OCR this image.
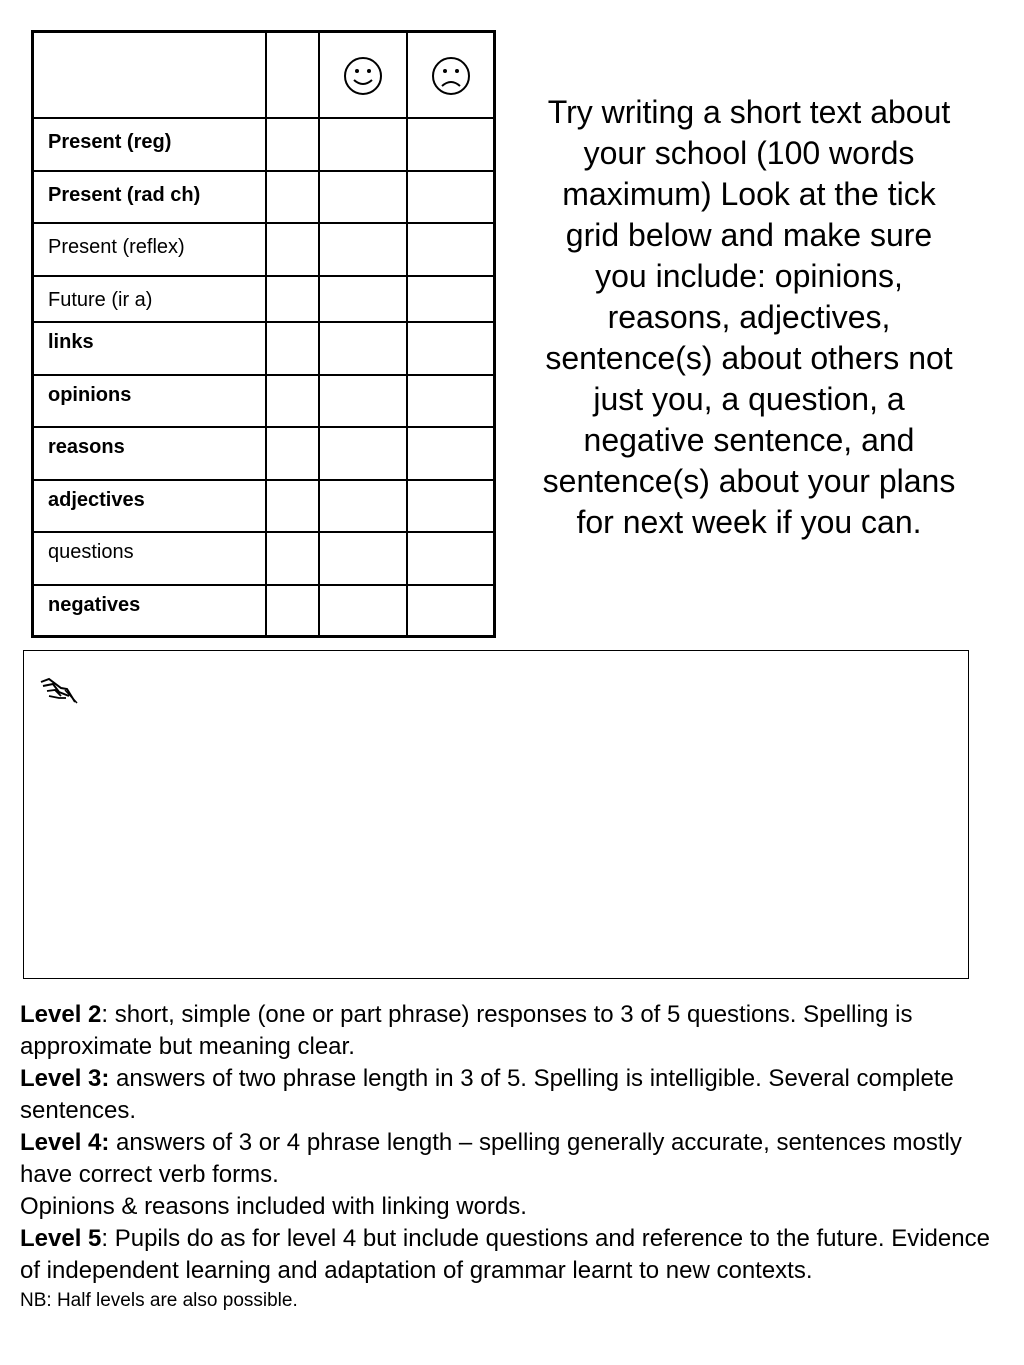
Present (reg)			

Present (rad ch)			

Present (reflex)			

Future (ir a)			

links			

opinions			

reasons			

adjectives			

questions			

negatives			

Try writing a short text about your school (100 words maximum) Look at the tick grid below and make sure you include: opinions, reasons, adjectives, sentence(s) about others not just you, a question, a negative sentence, and sentence(s) about your plans for next week if you can.

Level 2: short, simple (one or part phrase) responses to 3 of 5 questions. Spelling is approximate but meaning clear.

Level 3: answers of two phrase length in 3 of 5. Spelling is intelligible. Several complete sentences.

Level 4: answers of 3 or 4 phrase length – spelling generally accurate, sentences mostly have correct verb forms.

Opinions & reasons included with linking words.

Level 5: Pupils do as for level 4 but include questions and reference to the future. Evidence of independent learning and adaptation of grammar learnt to new contexts.

NB: Half levels are also possible.
